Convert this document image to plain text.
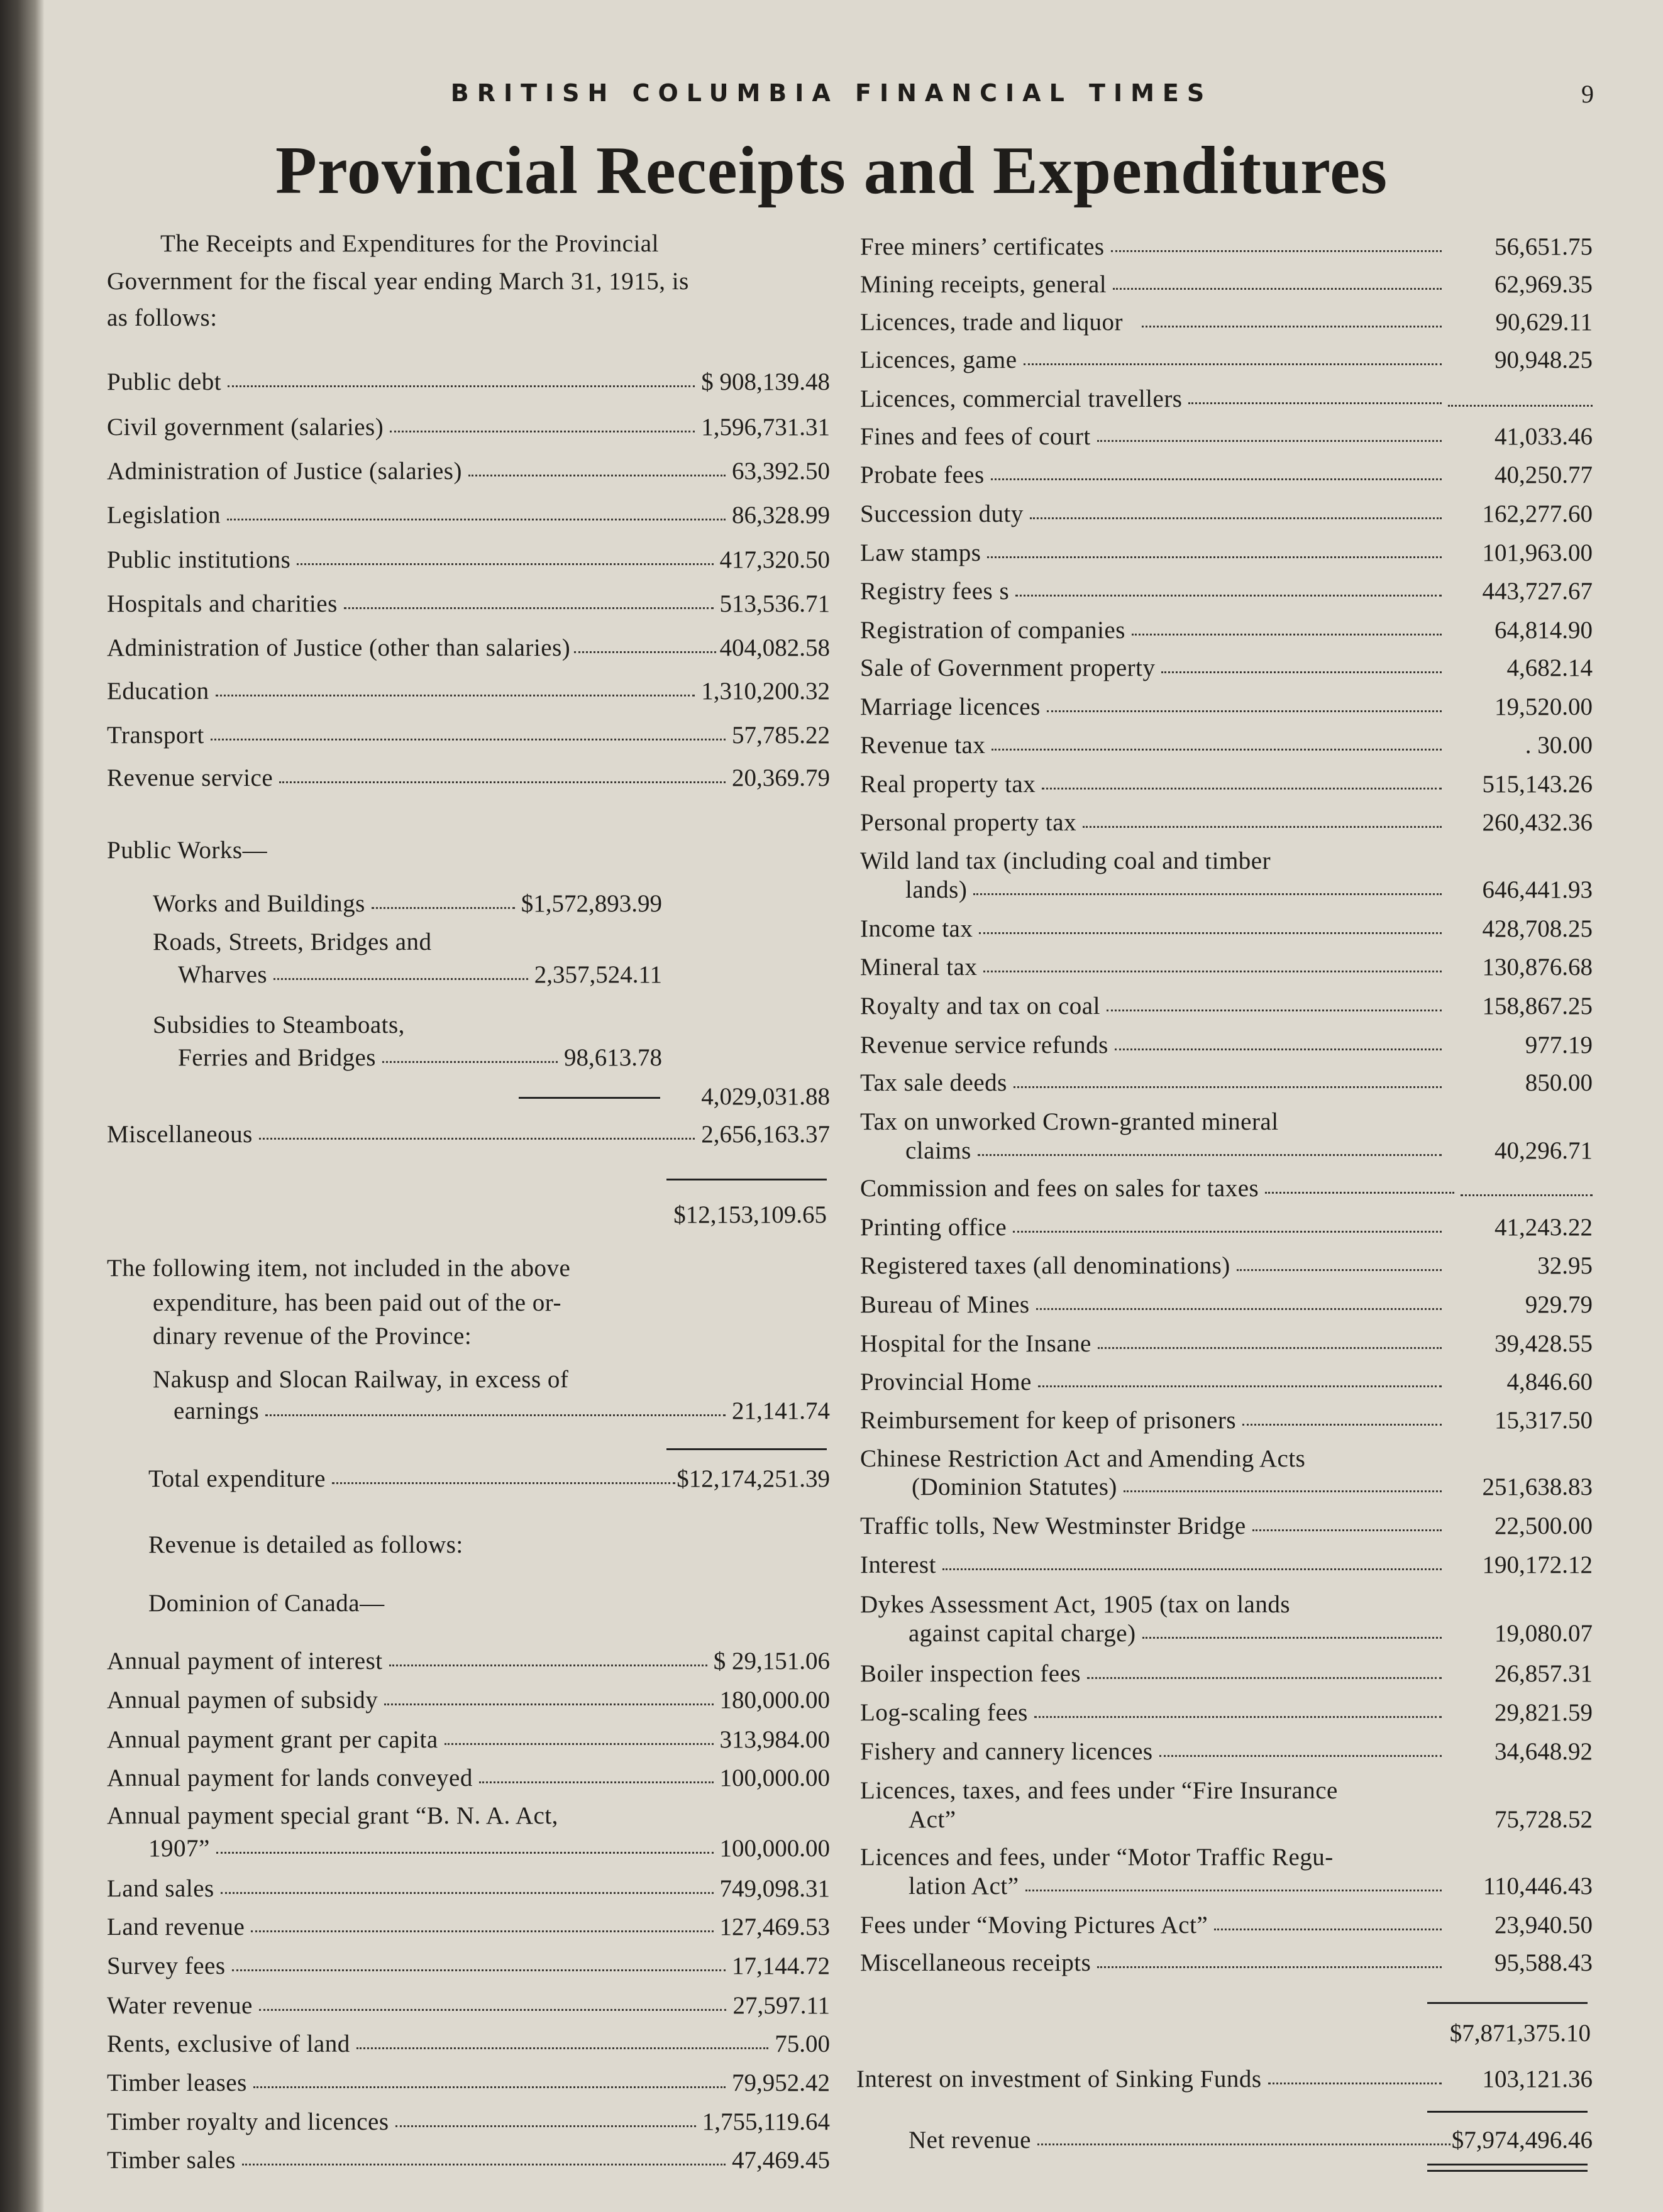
BRITISH COLUMBIA FINANCIAL TIMES	9
Provincial Receipts and Expenditures
The Receipts and Expenditures for the Provincial
Government for the fiscal year ending March 31, 1915, is
as follows:
Public debt	$ 908,139.48
Civil government (salaries)	1,596,731.31
Administration of Justice (salaries)	63,392.50
Legislation	86,328.99
Public institutions	417,320.50
Hospitals and charities	513,536.71
Administration of Justice (other than salaries)	404,082.58
Education	1,310,200.32
Transport	57,785.22
Revenue service	20,369.79
Public Works—
Works and Buildings	$1,572,893.99
Roads, Streets, Bridges and
Wharves	2,357,524.11
Subsidies to Steamboats,
Ferries and Bridges	98,613.78
4,029,031.88
Miscellaneous	2,656,163.37
$12,153,109.65
The following item, not included in the above
expenditure, has been paid out of the or-
dinary revenue of the Province:
Nakusp and Slocan Railway, in excess of
earnings	21,141.74
Total expenditure	$12,174,251.39
Revenue is detailed as follows:
Dominion of Canada—
Annual payment of interest	$ 29,151.06
Annual paymen of subsidy	180,000.00
Annual payment grant per capita	313,984.00
Annual payment for lands conveyed	100,000.00
Annual payment special grant “B. N. A. Act,
1907”	100,000.00
Land sales	749,098.31
Land revenue	127,469.53
Survey fees	17,144.72
Water revenue	27,597.11
Rents, exclusive of land	75.00
Timber leases	79,952.42
Timber royalty and licences	1,755,119.64
Timber sales	47,469.45
Free miners’ certificates	56,651.75
Mining receipts, general	62,969.35
Licences, trade and liquor	90,629.11
Licences, game	90,948.25
Licences, commercial travellers
Fines and fees of court	41,033.46
Probate fees	40,250.77
Succession duty	162,277.60
Law stamps	101,963.00
Registry fees s	443,727.67
Registration of companies	64,814.90
Sale of Government property	4,682.14
Marriage licences	19,520.00
Revenue tax	. 30.00
Real property tax	515,143.26
Personal property tax	260,432.36
Wild land tax (including coal and timber
lands)	646,441.93
Income tax	428,708.25
Mineral tax	130,876.68
Royalty and tax on coal	158,867.25
Revenue service refunds	977.19
Tax sale deeds	850.00
Tax on unworked Crown-granted mineral
claims	40,296.71
Commission and fees on sales for taxes
Printing office	41,243.22
Registered taxes (all denominations)	32.95
Bureau of Mines	929.79
Hospital for the Insane	39,428.55
Provincial Home	4,846.60
Reimbursement for keep of prisoners	15,317.50
Chinese Restriction Act and Amending Acts
(Dominion Statutes)	251,638.83
Traffic tolls, New Westminster Bridge	22,500.00
Interest	190,172.12
Dykes Assessment Act, 1905 (tax on lands
against capital charge)	19,080.07
Boiler inspection fees	26,857.31
Log-scaling fees	29,821.59
Fishery and cannery licences	34,648.92
Licences, taxes, and fees under “Fire Insurance
Act”	75,728.52
Licences and fees, under “Motor Traffic Regu-
lation Act”	110,446.43
Fees under “Moving Pictures Act”	23,940.50
Miscellaneous receipts	95,588.43
$7,871,375.10
Interest on investment of Sinking Funds	103,121.36
Net revenue	$7,974,496.46
